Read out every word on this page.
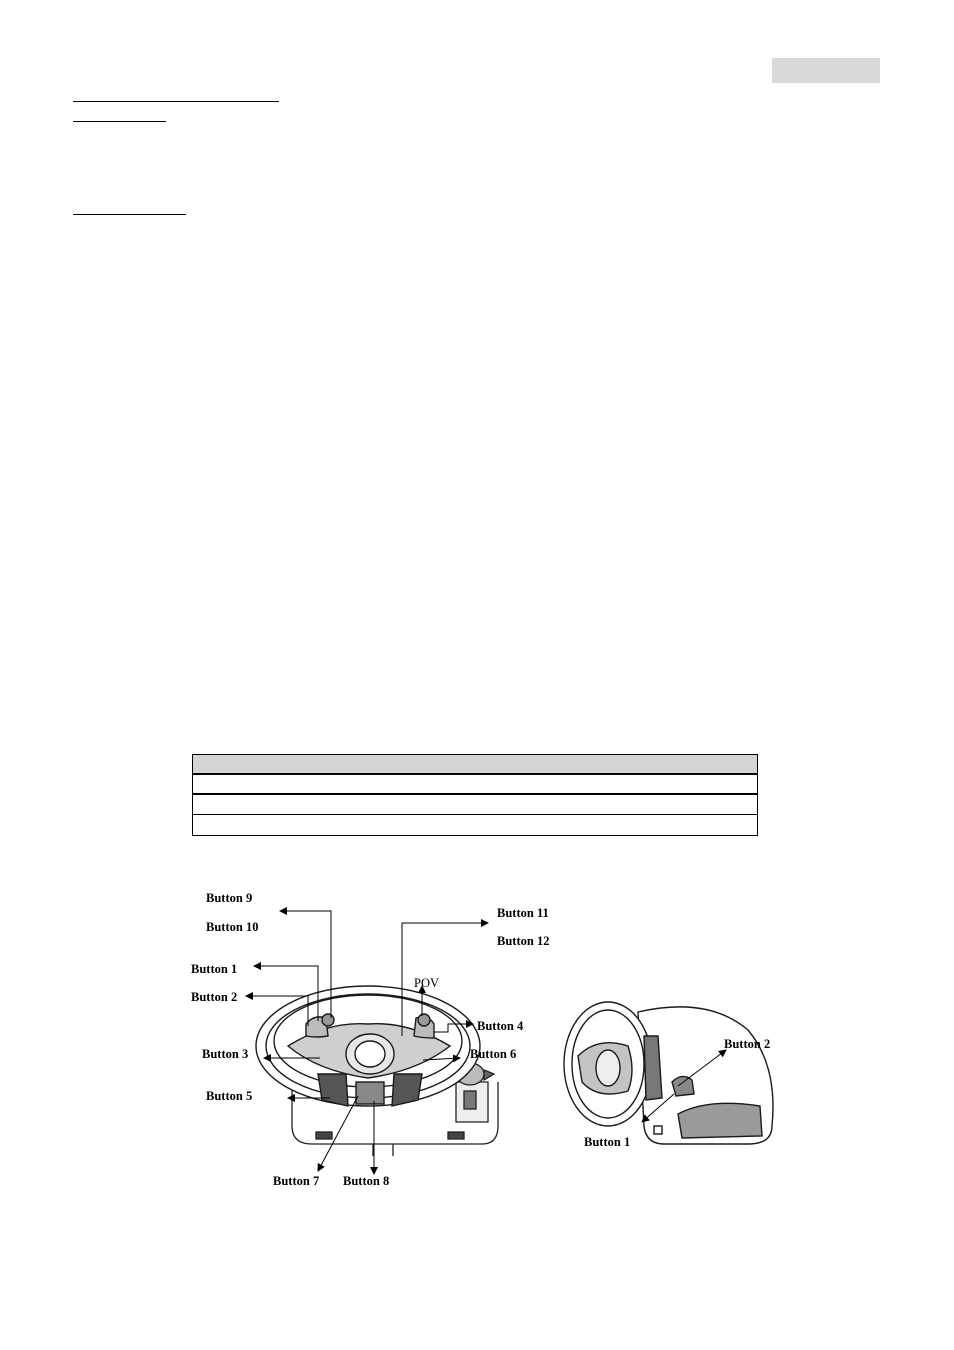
Button 9
Button 10
Button 11
Button 12
Button 1
Button 2
POV
Button 4
Button 3	Button 6
Button 5
Button 7 Button 8
Button 2
Button 1
